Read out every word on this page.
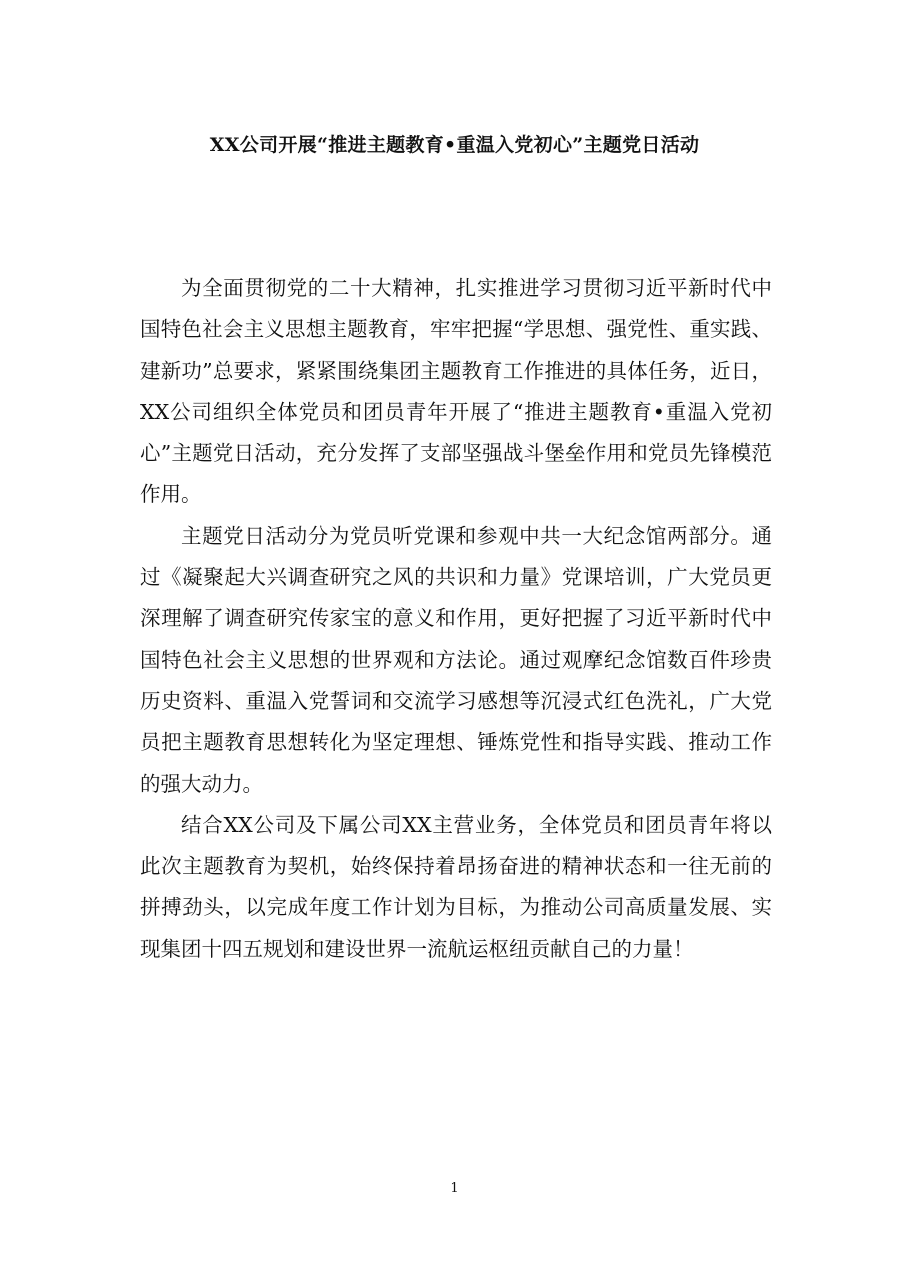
XX公司开展“推进主题教育•重温入党初心”主题党日活动

为全面贯彻党的二十大精神，扎实推进学习贯彻习近平新时代中国特色社会主义思想主题教育，牢牢把握“学思想、强党性、重实践、建新功”总要求，紧紧围绕集团主题教育工作推进的具体任务，近日，XX公司组织全体党员和团员青年开展了“推进主题教育•重温入党初心”主题党日活动，充分发挥了支部坚强战斗堡垒作用和党员先锋模范作用。

主题党日活动分为党员听党课和参观中共一大纪念馆两部分。通过《凝聚起大兴调查研究之风的共识和力量》党课培训，广大党员更深理解了调查研究传家宝的意义和作用，更好把握了习近平新时代中国特色社会主义思想的世界观和方法论。通过观摩纪念馆数百件珍贵历史资料、重温入党誓词和交流学习感想等沉浸式红色洗礼，广大党员把主题教育思想转化为坚定理想、锤炼党性和指导实践、推动工作的强大动力。

结合XX公司及下属公司XX主营业务，全体党员和团员青年将以此次主题教育为契机，始终保持着昂扬奋进的精神状态和一往无前的拼搏劲头，以完成年度工作计划为目标，为推动公司高质量发展、实现集团十四五规划和建设世界一流航运枢纽贡献自己的力量！

1
